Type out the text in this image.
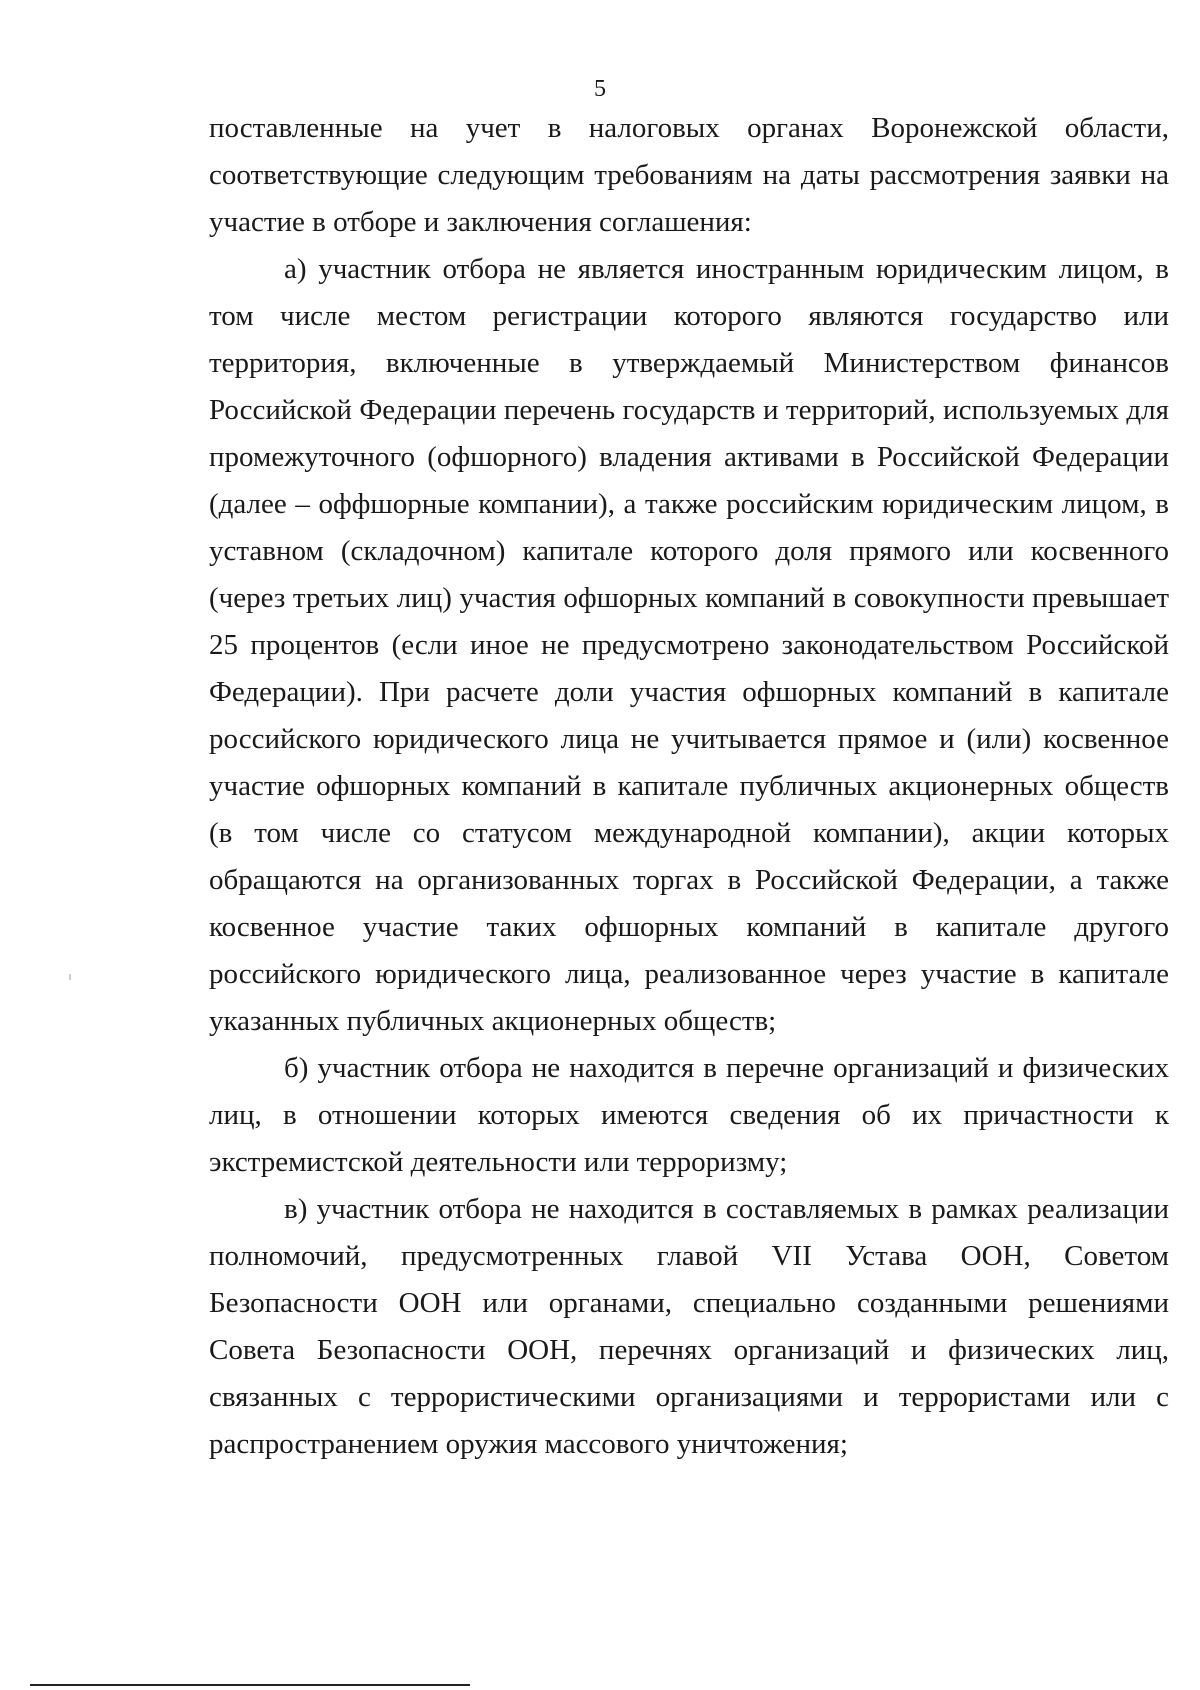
5

поставленные на учет в налоговых органах Воронежской области, соответствующие следующим требованиям на даты рассмотрения заявки на участие в отборе и заключения соглашения:

а) участник отбора не является иностранным юридическим лицом, в том числе местом регистрации которого являются государство или территория, включенные в утверждаемый Министерством финансов Российской Федерации перечень государств и территорий, используемых для промежуточного (офшорного) владения активами в Российской Федерации (далее – оффшорные компании), а также российским юридическим лицом, в уставном (складочном) капитале которого доля прямого или косвенного (через третьих лиц) участия офшорных компаний в совокупности превышает 25 процентов (если иное не предусмотрено законодательством Российской Федерации). При расчете доли участия офшорных компаний в капитале российского юридического лица не учитывается прямое и (или) косвенное участие офшорных компаний в капитале публичных акционерных обществ (в том числе со статусом международной компании), акции которых обращаются на организованных торгах в Российской Федерации, а также косвенное участие таких офшорных компаний в капитале другого российского юридического лица, реализованное через участие в капитале указанных публичных акционерных обществ;

б) участник отбора не находится в перечне организаций и физических лиц, в отношении которых имеются сведения об их причастности к экстремистской деятельности или терроризму;

в) участник отбора не находится в составляемых в рамках реализации полномочий, предусмотренных главой VII Устава ООН, Советом Безопасности ООН или органами, специально созданными решениями Совета Безопасности ООН, перечнях организаций и физических лиц, связанных с террористическими организациями и террористами или с распространением оружия массового уничтожения;
